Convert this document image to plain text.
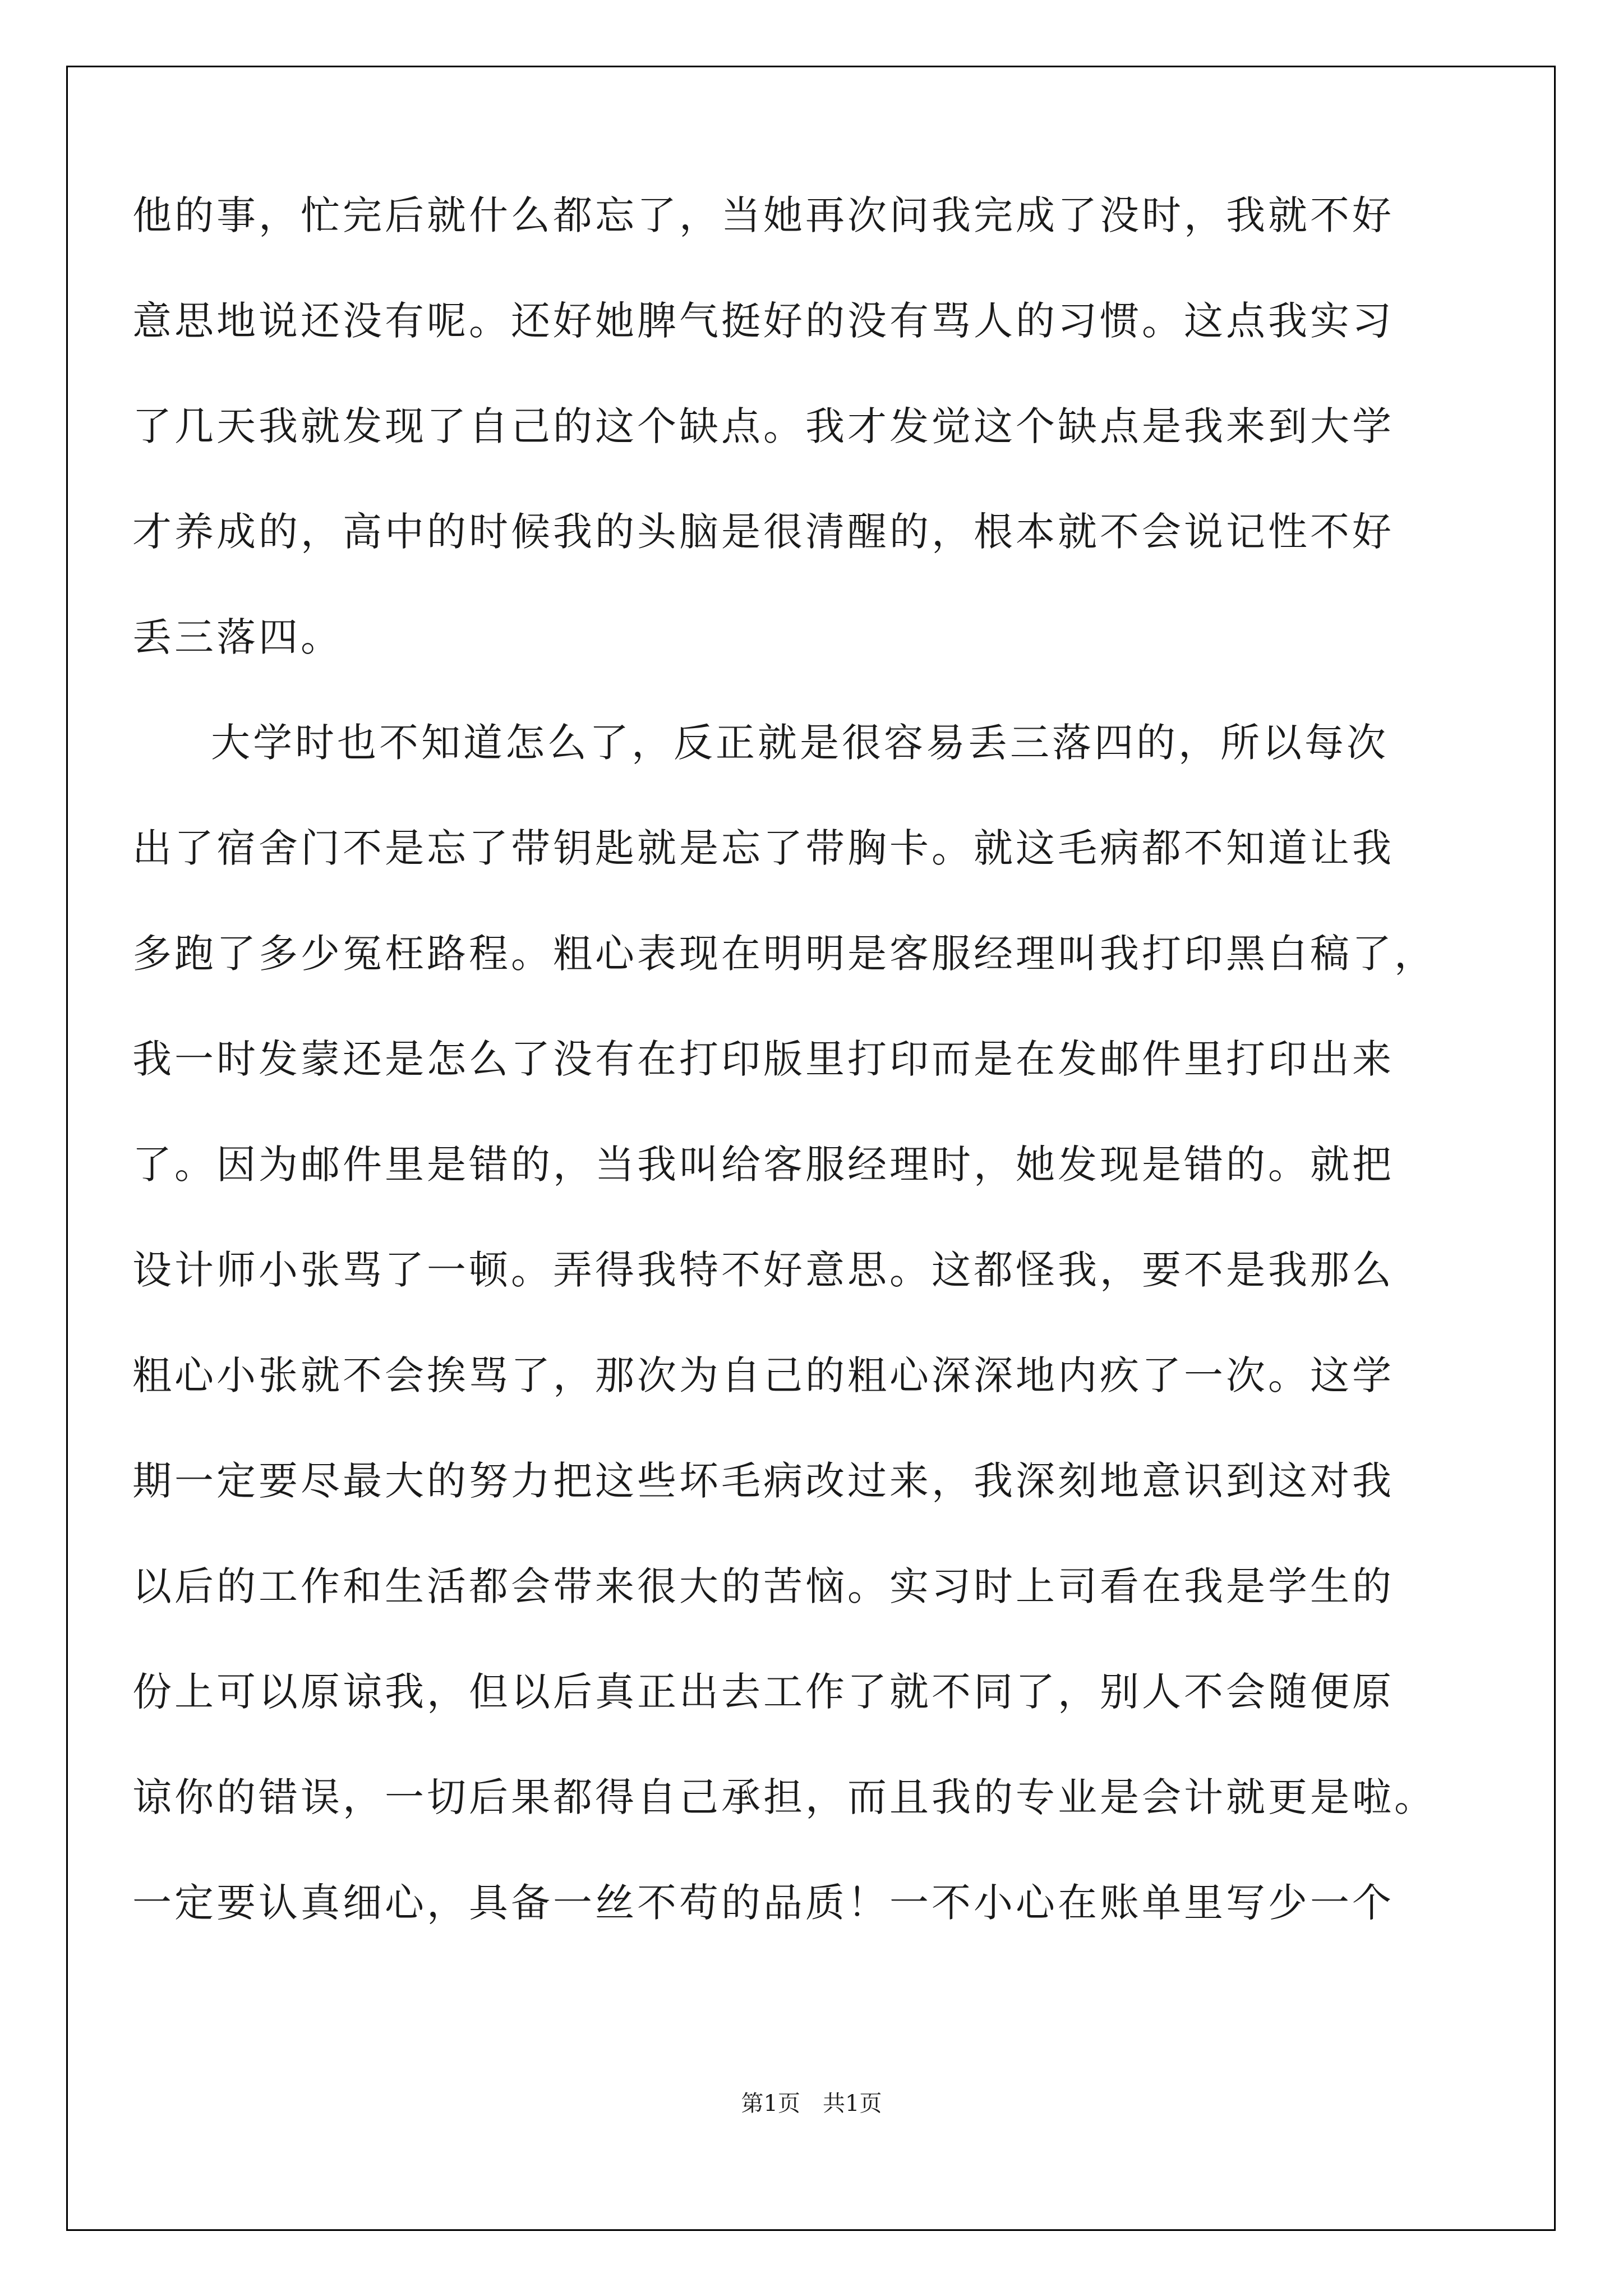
他的事，忙完后就什么都忘了，当她再次问我完成了没时，我就不好
意思地说还没有呢。还好她脾气挺好的没有骂人的习惯。这点我实习
了几天我就发现了自己的这个缺点。我才发觉这个缺点是我来到大学
才养成的，高中的时候我的头脑是很清醒的，根本就不会说记性不好
丢三落四。
大学时也不知道怎么了，反正就是很容易丢三落四的，所以每次
出了宿舍门不是忘了带钥匙就是忘了带胸卡。就这毛病都不知道让我
多跑了多少冤枉路程。粗心表现在明明是客服经理叫我打印黑白稿了，
我一时发蒙还是怎么了没有在打印版里打印而是在发邮件里打印出来
了。因为邮件里是错的，当我叫给客服经理时，她发现是错的。就把
设计师小张骂了一顿。弄得我特不好意思。这都怪我，要不是我那么
粗心小张就不会挨骂了，那次为自己的粗心深深地内疚了一次。这学
期一定要尽最大的努力把这些坏毛病改过来，我深刻地意识到这对我
以后的工作和生活都会带来很大的苦恼。实习时上司看在我是学生的
份上可以原谅我，但以后真正出去工作了就不同了，别人不会随便原
谅你的错误，一切后果都得自己承担，而且我的专业是会计就更是啦。
一定要认真细心，具备一丝不苟的品质！一不小心在账单里写少一个
第1页 共1页
